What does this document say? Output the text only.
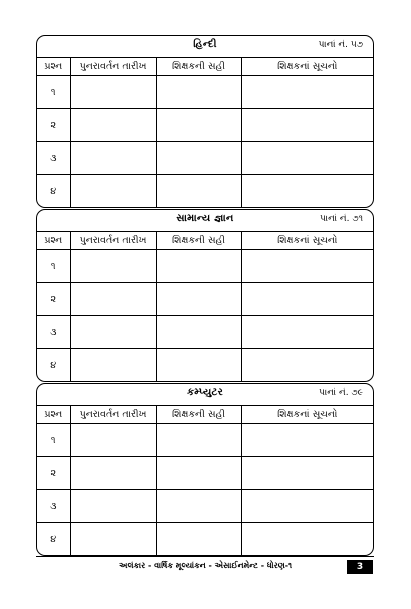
હિન્દી	પાનાં નં. ૫૭
પ્રશ્ન	પુનરાવર્તન તારીખ	શિક્ષકની સહી	શિક્ષકનાં સૂચનો
૧			
૨			
૩			
૪			
સામાન્ય જ્ઞાન	પાનાં નં. ૭૧
પ્રશ્ન	પુનરાવર્તન તારીખ	શિક્ષકની સહી	શિક્ષકનાં સૂચનો
૧			
૨			
૩			
૪			
કમ્પ્યુટર	પાનાં નં. ૭૯
પ્રશ્ન	પુનરાવર્તન તારીખ	શિક્ષકની સહી	શિક્ષકનાં સૂચનો
૧			
૨			
૩			
૪			
અલંકાર - વાર્ષિક મૂલ્યાંકન - એસાઈનમેન્ટ - ધોરણ-૧	3
